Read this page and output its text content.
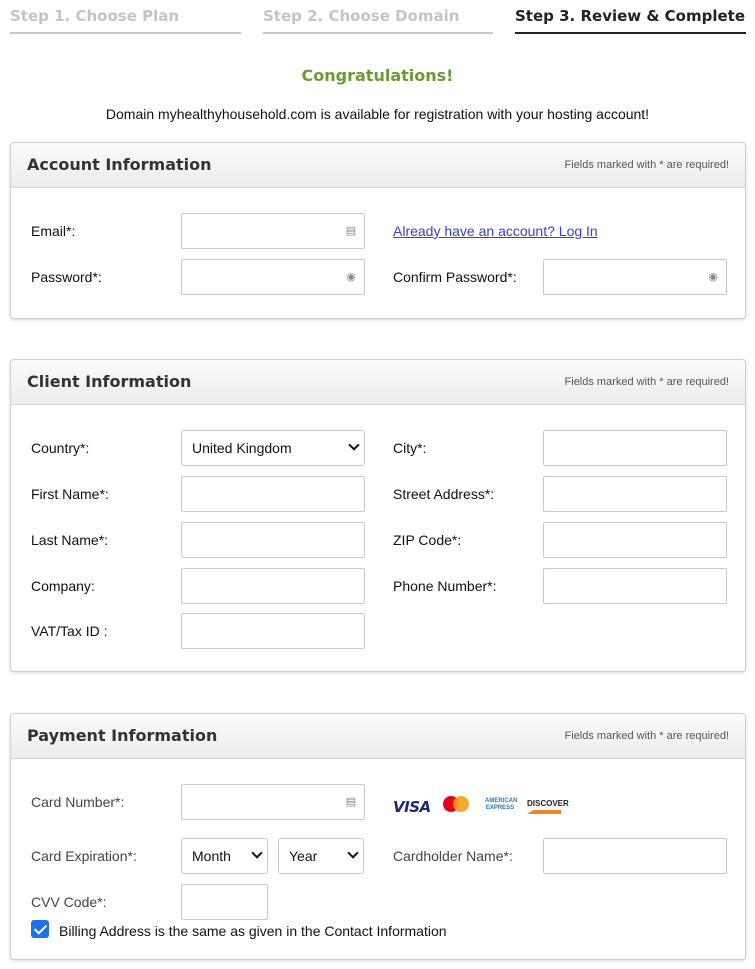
Step 1. Choose Plan	Step 2. Choose Domain	Step 3. Review & Complete
Congratulations!
Domain myhealthyhousehold.com is available for registration with your hosting account!
Account Information	Fields marked with * are required!
Email*:	▤	Already have an account? Log In
Password*:	◉	Confirm Password*:	◉
Client Information	Fields marked with * are required!
Country*:	United Kingdom	City*:
First Name*:	Street Address*:
Last Name*:	ZIP Code*:
Company:	Phone Number*:
VAT/Tax ID :
Payment Information	Fields marked with * are required!
Card Number*:	▤ VISA	AMERICAN EXPRESS DISCOVER
Card Expiration*:	Month	Year	Cardholder Name*:
CVV Code*:
Billing Address is the same as given in the Contact Information
